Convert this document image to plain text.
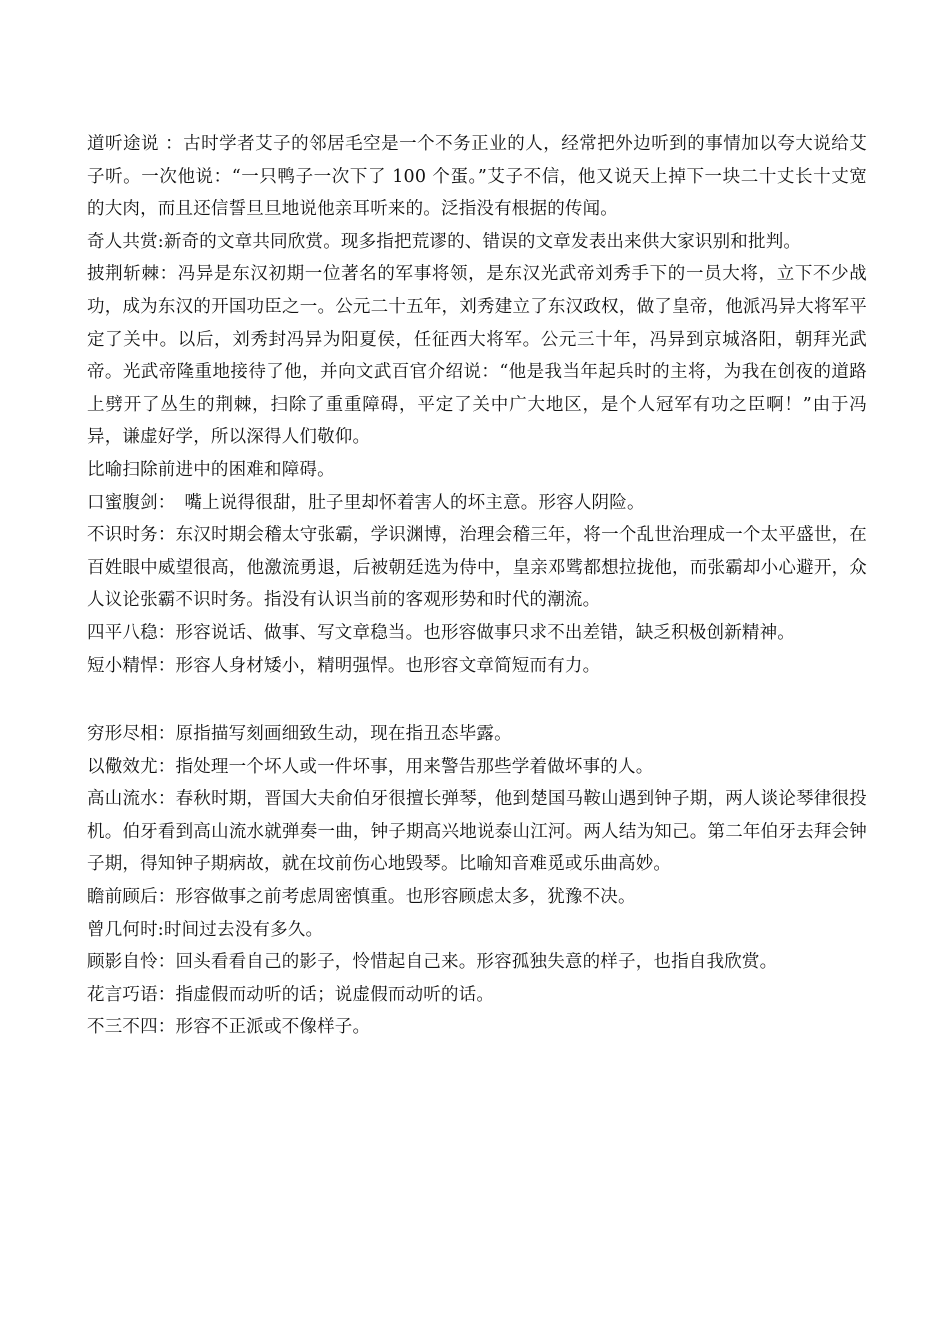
道听途说 ：古时学者艾子的邻居毛空是一个不务正业的人，经常把外边听到的事情加以夸大说给艾子听。一次他说：“一只鸭子一次下了 100 个蛋。”艾子不信，他又说天上掉下一块二十丈长十丈宽的大肉，而且还信誓旦旦地说他亲耳听来的。泛指没有根据的传闻。

奇人共赏:新奇的文章共同欣赏。现多指把荒谬的、错误的文章发表出来供大家识别和批判。

披荆斩棘：冯异是东汉初期一位著名的军事将领，是东汉光武帝刘秀手下的一员大将，立下不少战功，成为东汉的开国功臣之一。公元二十五年，刘秀建立了东汉政权，做了皇帝，他派冯异大将军平定了关中。以后，刘秀封冯异为阳夏侯，任征西大将军。公元三十年，冯异到京城洛阳，朝拜光武帝。光武帝隆重地接待了他，并向文武百官介绍说：“他是我当年起兵时的主将，为我在创夜的道路上劈开了丛生的荆棘，扫除了重重障碍，平定了关中广大地区，是个人冠军有功之臣啊！”由于冯异，谦虚好学，所以深得人们敬仰。

比喻扫除前进中的困难和障碍。

口蜜腹剑：　嘴上说得很甜，肚子里却怀着害人的坏主意。形容人阴险。

不识时务：东汉时期会稽太守张霸，学识渊博，治理会稽三年，将一个乱世治理成一个太平盛世，在百姓眼中威望很高，他激流勇退，后被朝廷选为侍中，皇亲邓骘都想拉拢他，而张霸却小心避开，众人议论张霸不识时务。指没有认识当前的客观形势和时代的潮流。

四平八稳：形容说话、做事、写文章稳当。也形容做事只求不出差错，缺乏积极创新精神。

短小精悍：形容人身材矮小，精明强悍。也形容文章简短而有力。

穷形尽相：原指描写刻画细致生动，现在指丑态毕露。

以儆效尤：指处理一个坏人或一件坏事，用来警告那些学着做坏事的人。

高山流水：春秋时期，晋国大夫俞伯牙很擅长弹琴，他到楚国马鞍山遇到钟子期，两人谈论琴律很投机。伯牙看到高山流水就弹奏一曲，钟子期高兴地说泰山江河。两人结为知己。第二年伯牙去拜会钟子期，得知钟子期病故，就在坟前伤心地毁琴。比喻知音难觅或乐曲高妙。

瞻前顾后：形容做事之前考虑周密慎重。也形容顾虑太多，犹豫不决。

曾几何时:时间过去没有多久。

顾影自怜：回头看看自己的影子，怜惜起自己来。形容孤独失意的样子，也指自我欣赏。

花言巧语：指虚假而动听的话；说虚假而动听的话。

不三不四：形容不正派或不像样子。
